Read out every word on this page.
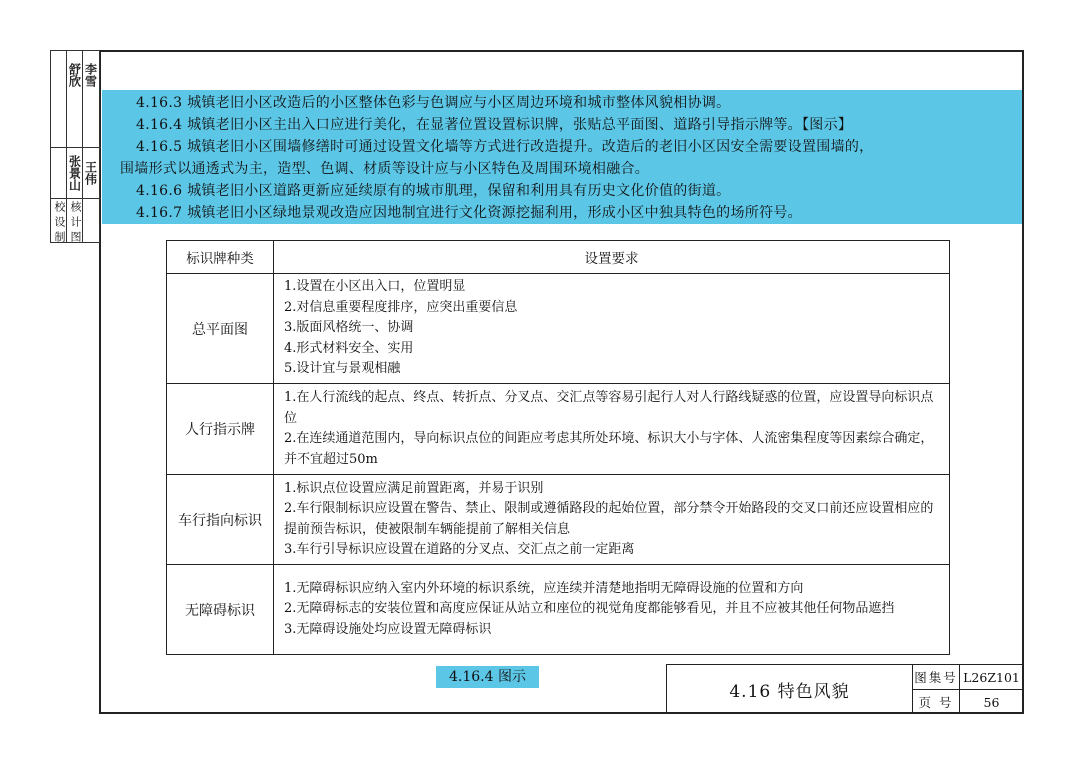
校
设
制
舒欣
张景山
核
计
图
李雪
王伟

4.16.3 城镇老旧小区改造后的小区整体色彩与色调应与小区周边环境和城市整体风貌相协调。

4.16.4 城镇老旧小区主出入口应进行美化，在显著位置设置标识牌，张贴总平面图、道路引导指示牌等。【图示】

4.16.5 城镇老旧小区围墙修缮时可通过设置文化墙等方式进行改造提升。改造后的老旧小区因安全需要设置围墙的，

围墙形式以通透式为主，造型、色调、材质等设计应与小区特色及周围环境相融合。

4.16.6 城镇老旧小区道路更新应延续原有的城市肌理，保留和利用具有历史文化价值的街道。

4.16.7 城镇老旧小区绿地景观改造应因地制宜进行文化资源挖掘利用，形成小区中独具特色的场所符号。

标识牌种类	设置要求
总平面图	1.设置在小区出入口，位置明显
2.对信息重要程度排序，应突出重要信息
3.版面风格统一、协调
4.形式材料安全、实用
5.设计宜与景观相融

人行指示牌	1.在人行流线的起点、终点、转折点、分叉点、交汇点等容易引起行人对人行路线疑惑的位置，应设置导向标识点位
2.在连续通道范围内，导向标识点位的间距应考虑其所处环境、标识大小与字体、人流密集程度等因素综合确定，并不宜超过50m

车行指向标识	1.标识点位设置应满足前置距离，并易于识别
2.车行限制标识应设置在警告、禁止、限制或遵循路段的起始位置，部分禁令开始路段的交叉口前还应设置相应的提前预告标识，使被限制车辆能提前了解相关信息
3.车行引导标识应设置在道路的分叉点、交汇点之前一定距离

无障碍标识	1.无障碍标识应纳入室内外环境的标识系统，应连续并清楚地指明无障碍设施的位置和方向
2.无障碍标志的安装位置和高度应保证从站立和座位的视觉角度都能够看见，并且不应被其他任何物品遮挡
3.无障碍设施处均应设置无障碍标识
4.16.4 图示
4.16 特色风貌
图集号 L26Z101
页 号	56
